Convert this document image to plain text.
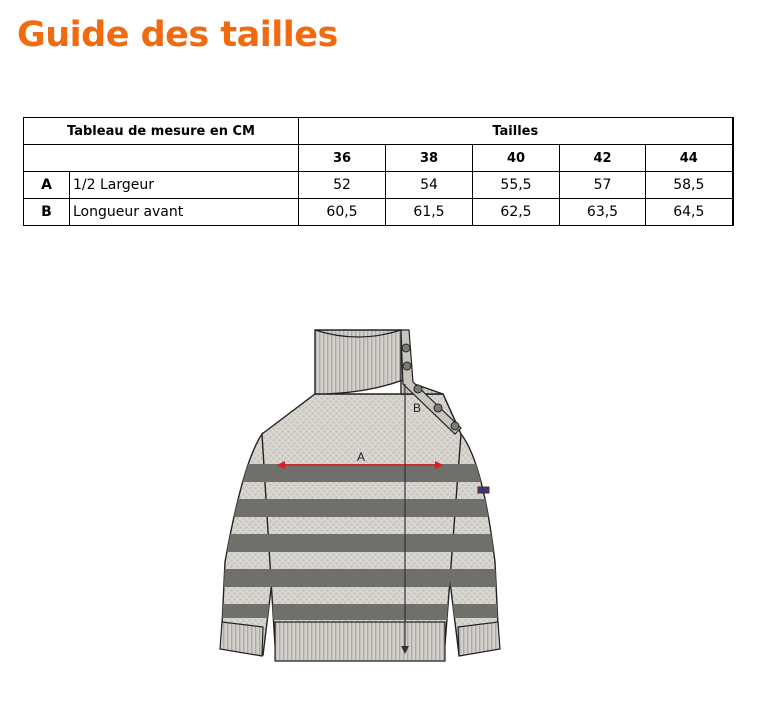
Guide des tailles
Tableau de mesure en CM		Tailles				
		36	38	40	42	44
A	1/2 Largeur	52	54	55,5	57	58,5
B	Longueur avant	60,5	61,5	62,5	63,5	64,5
A
B
